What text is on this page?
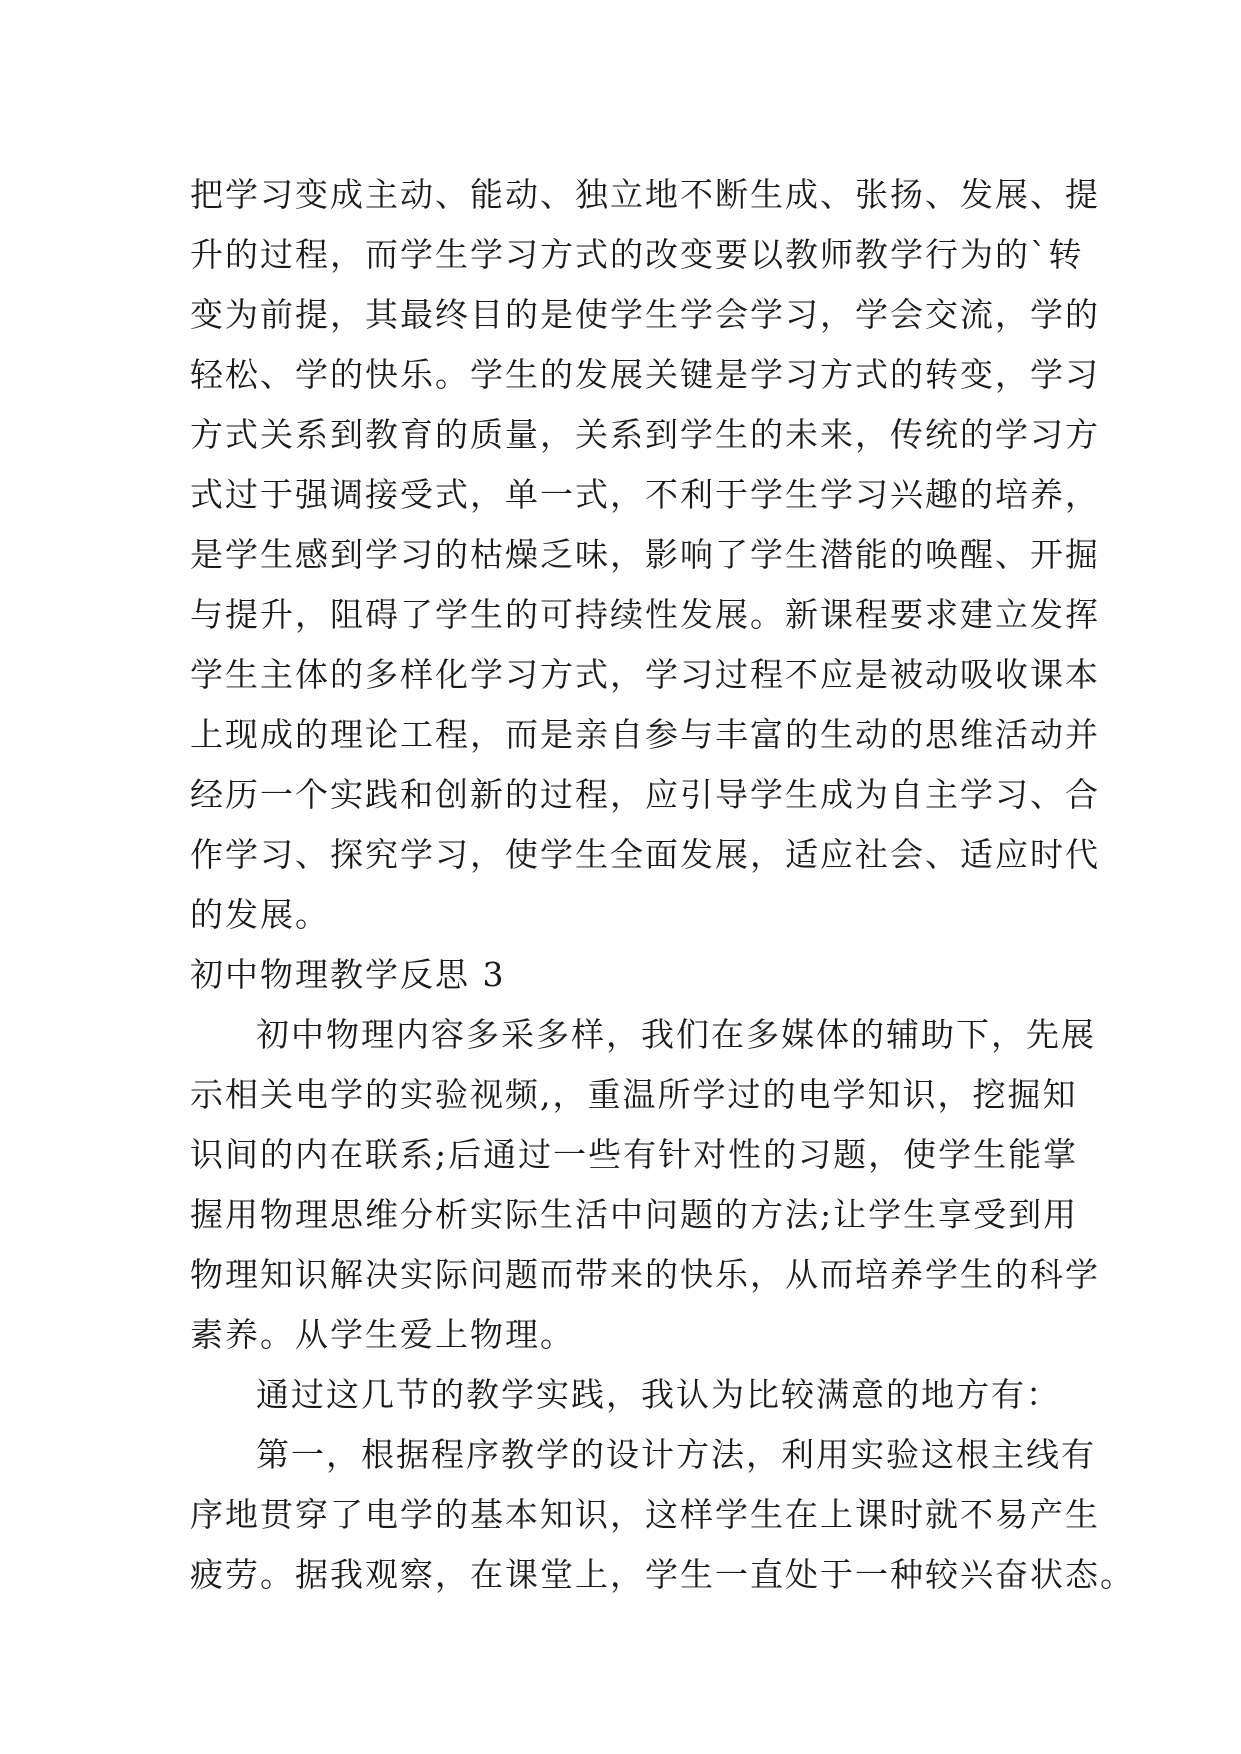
把学习变成主动、能动、独立地不断生成、张扬、发展、提
升的过程，而学生学习方式的改变要以教师教学行为的`转
变为前提，其最终目的是使学生学会学习，学会交流，学的
轻松、学的快乐。学生的发展关键是学习方式的转变，学习
方式关系到教育的质量，关系到学生的未来，传统的学习方
式过于强调接受式，单一式，不利于学生学习兴趣的培养，
是学生感到学习的枯燥乏味，影响了学生潜能的唤醒、开掘
与提升，阻碍了学生的可持续性发展。新课程要求建立发挥
学生主体的多样化学习方式，学习过程不应是被动吸收课本
上现成的理论工程，而是亲自参与丰富的生动的思维活动并
经历一个实践和创新的过程，应引导学生成为自主学习、合
作学习、探究学习，使学生全面发展，适应社会、适应时代
的发展。
初中物理教学反思 3
初中物理内容多采多样，我们在多媒体的辅助下，先展
示相关电学的实验视频,，重温所学过的电学知识，挖掘知
识间的内在联系;后通过一些有针对性的习题，使学生能掌
握用物理思维分析实际生活中问题的方法;让学生享受到用
物理知识解决实际问题而带来的快乐，从而培养学生的科学
素养。从学生爱上物理。
通过这几节的教学实践，我认为比较满意的地方有：
第一，根据程序教学的设计方法，利用实验这根主线有
序地贯穿了电学的基本知识，这样学生在上课时就不易产生
疲劳。据我观察，在课堂上，学生一直处于一种较兴奋状态。
